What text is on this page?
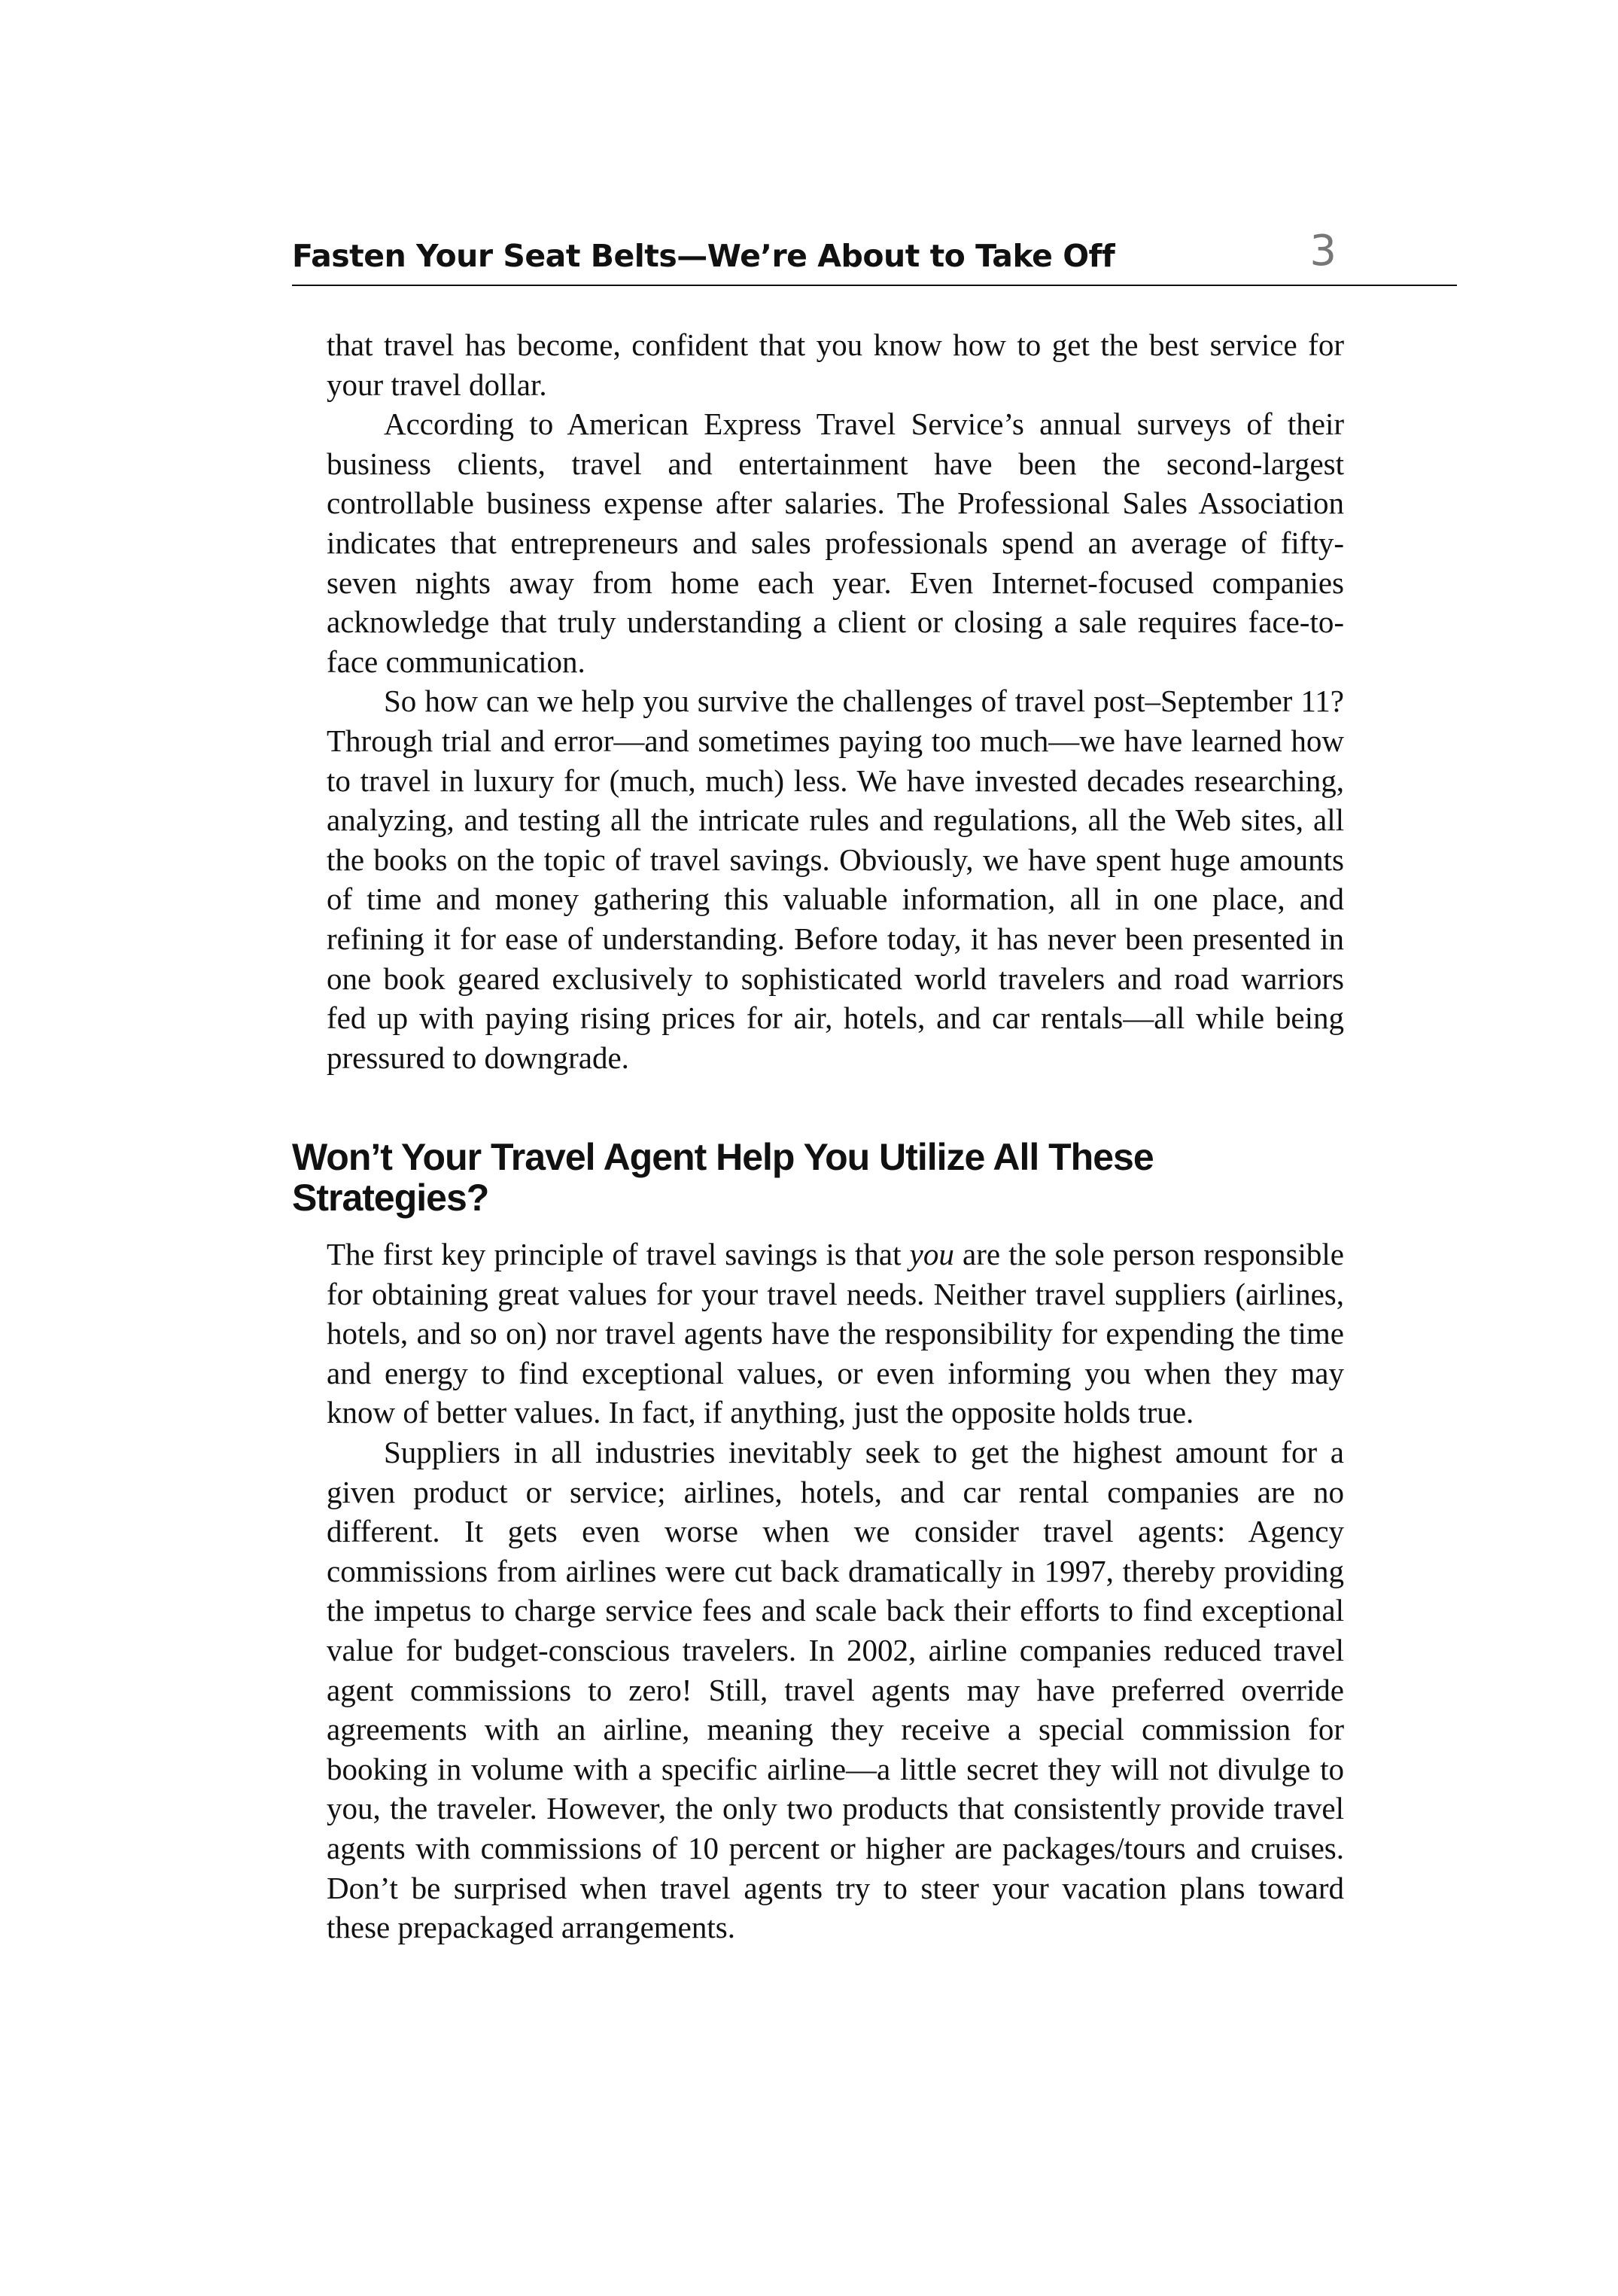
Fasten Your Seat Belts—We’re About to Take Off	3

that travel has become, confident that you know how to get the best service for your travel dollar.

According to American Express Travel Service’s annual surveys of their business clients, travel and entertainment have been the second-largest controllable business expense after salaries. The Professional Sales Association indicates that entrepreneurs and sales professionals spend an average of fifty-seven nights away from home each year. Even Internet-focused companies acknowledge that truly understanding a client or closing a sale requires face-to-face communication.

So how can we help you survive the challenges of travel post–September 11? Through trial and error—and sometimes paying too much—we have learned how to travel in luxury for (much, much) less. We have invested decades researching, analyzing, and testing all the intricate rules and regulations, all the Web sites, all the books on the topic of travel savings. Obviously, we have spent huge amounts of time and money gathering this valuable information, all in one place, and refining it for ease of understanding. Before today, it has never been presented in one book geared exclusively to sophisticated world travelers and road warriors fed up with paying rising prices for air, hotels, and car rentals—all while being pressured to downgrade.

Won’t Your Travel Agent Help You Utilize All These Strategies?

The first key principle of travel savings is that you are the sole person responsible for obtaining great values for your travel needs. Neither travel suppliers (airlines, hotels, and so on) nor travel agents have the responsibility for expending the time and energy to find exceptional values, or even informing you when they may know of better values. In fact, if anything, just the opposite holds true.

Suppliers in all industries inevitably seek to get the highest amount for a given product or service; airlines, hotels, and car rental companies are no different. It gets even worse when we consider travel agents: Agency commissions from airlines were cut back dramatically in 1997, thereby providing the impetus to charge service fees and scale back their efforts to find exceptional value for budget-conscious travelers. In 2002, airline companies reduced travel agent commissions to zero! Still, travel agents may have preferred override agreements with an airline, meaning they receive a special commission for booking in volume with a specific airline—a little secret they will not divulge to you, the traveler. However, the only two products that consistently provide travel agents with commissions of 10 percent or higher are packages/tours and cruises. Don’t be surprised when travel agents try to steer your vacation plans toward these prepackaged arrangements.
